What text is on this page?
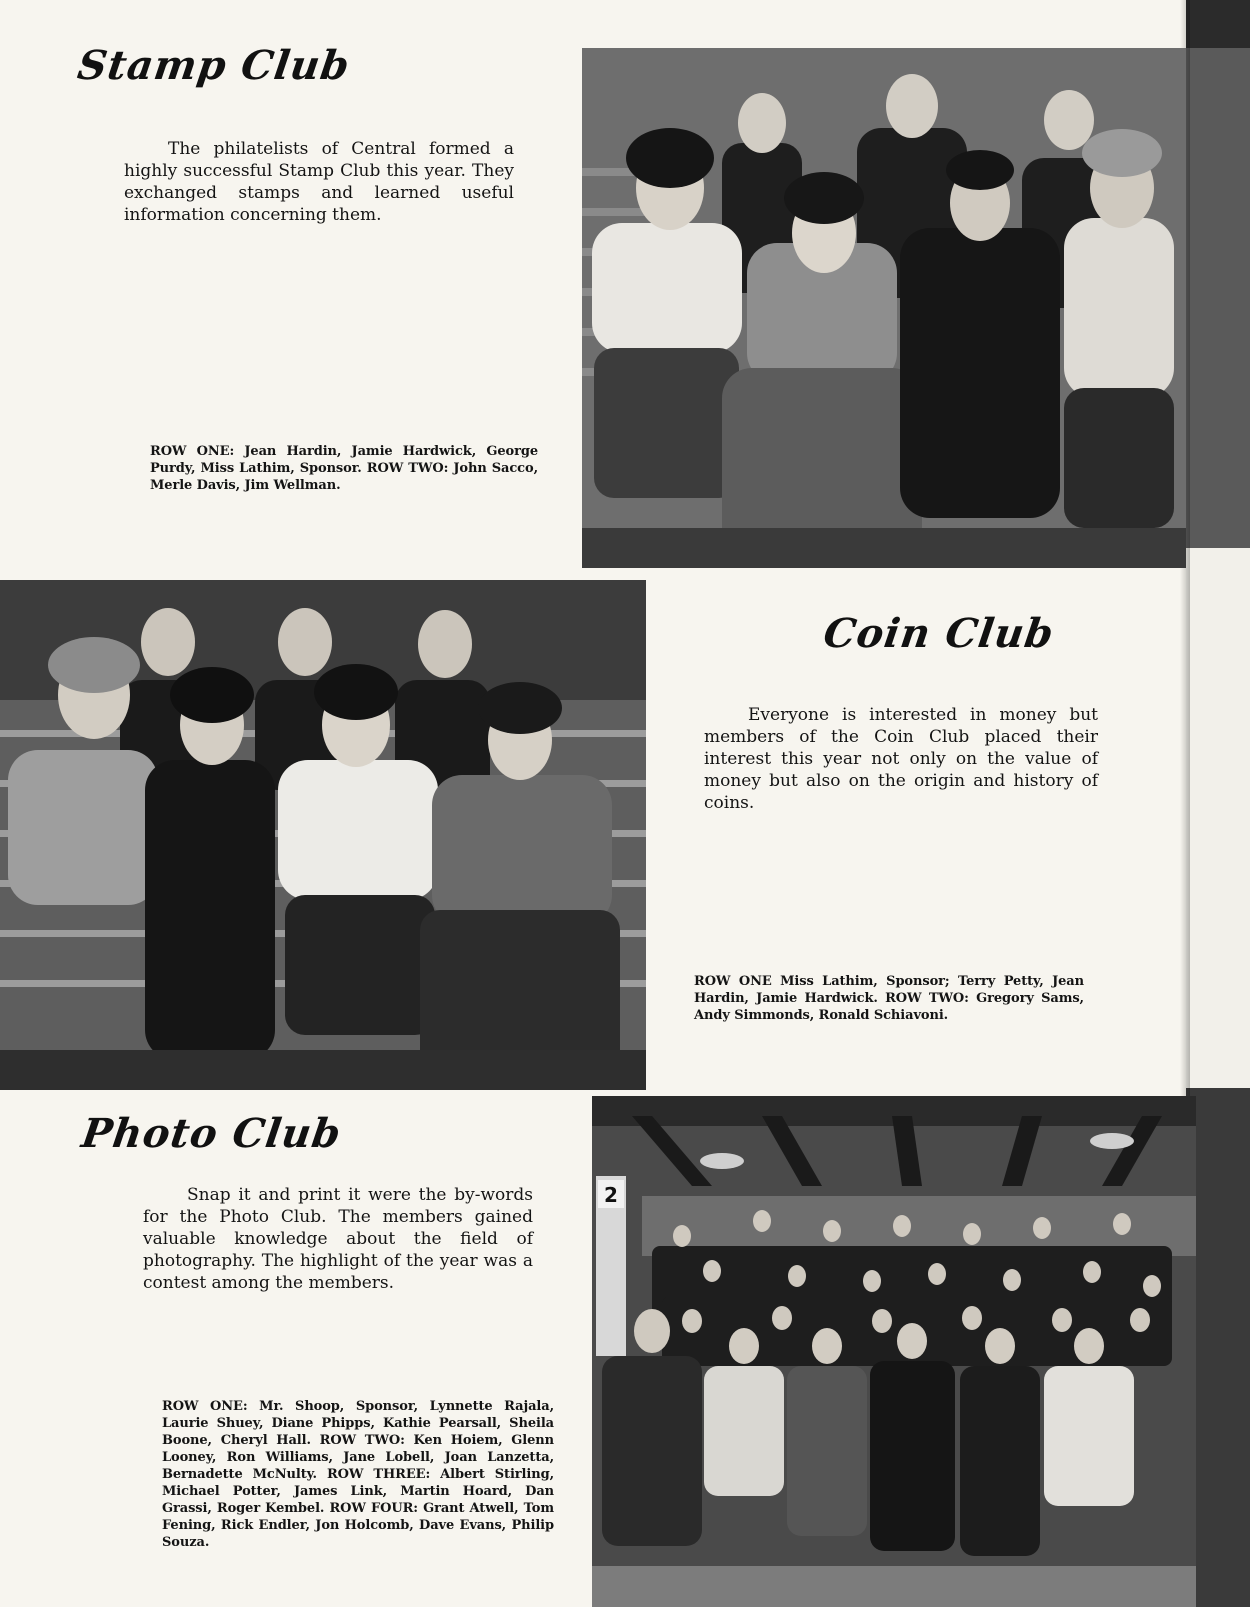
Stamp Club

The philatelists of Central formed a highly successful Stamp Club this year. They exchanged stamps and learned useful information concerning them.

ROW ONE: Jean Hardin, Jamie Hardwick, George Purdy, Miss Lathim, Sponsor. ROW TWO: John Sacco, Merle Davis, Jim Wellman.

Coin Club

Everyone is interested in money but members of the Coin Club placed their interest this year not only on the value of money but also on the origin and history of coins.

ROW ONE Miss Lathim, Sponsor; Terry Petty, Jean Hardin, Jamie Hardwick. ROW TWO: Gregory Sams, Andy Simmonds, Ronald Schiavoni.

Photo Club

Snap it and print it were the by-words for the Photo Club. The members gained valuable knowledge about the field of photography. The highlight of the year was a contest among the members.

ROW ONE: Mr. Shoop, Sponsor, Lynnette Rajala, Laurie Shuey, Diane Phipps, Kathie Pearsall, Sheila Boone, Cheryl Hall. ROW TWO: Ken Hoiem, Glenn Looney, Ron Williams, Jane Lobell, Joan Lanzetta, Bernadette McNulty. ROW THREE: Albert Stirling, Michael Potter, James Link, Martin Hoard, Dan Grassi, Roger Kembel. ROW FOUR: Grant Atwell, Tom Fening, Rick Endler, Jon Holcomb, Dave Evans, Philip Souza.

2
